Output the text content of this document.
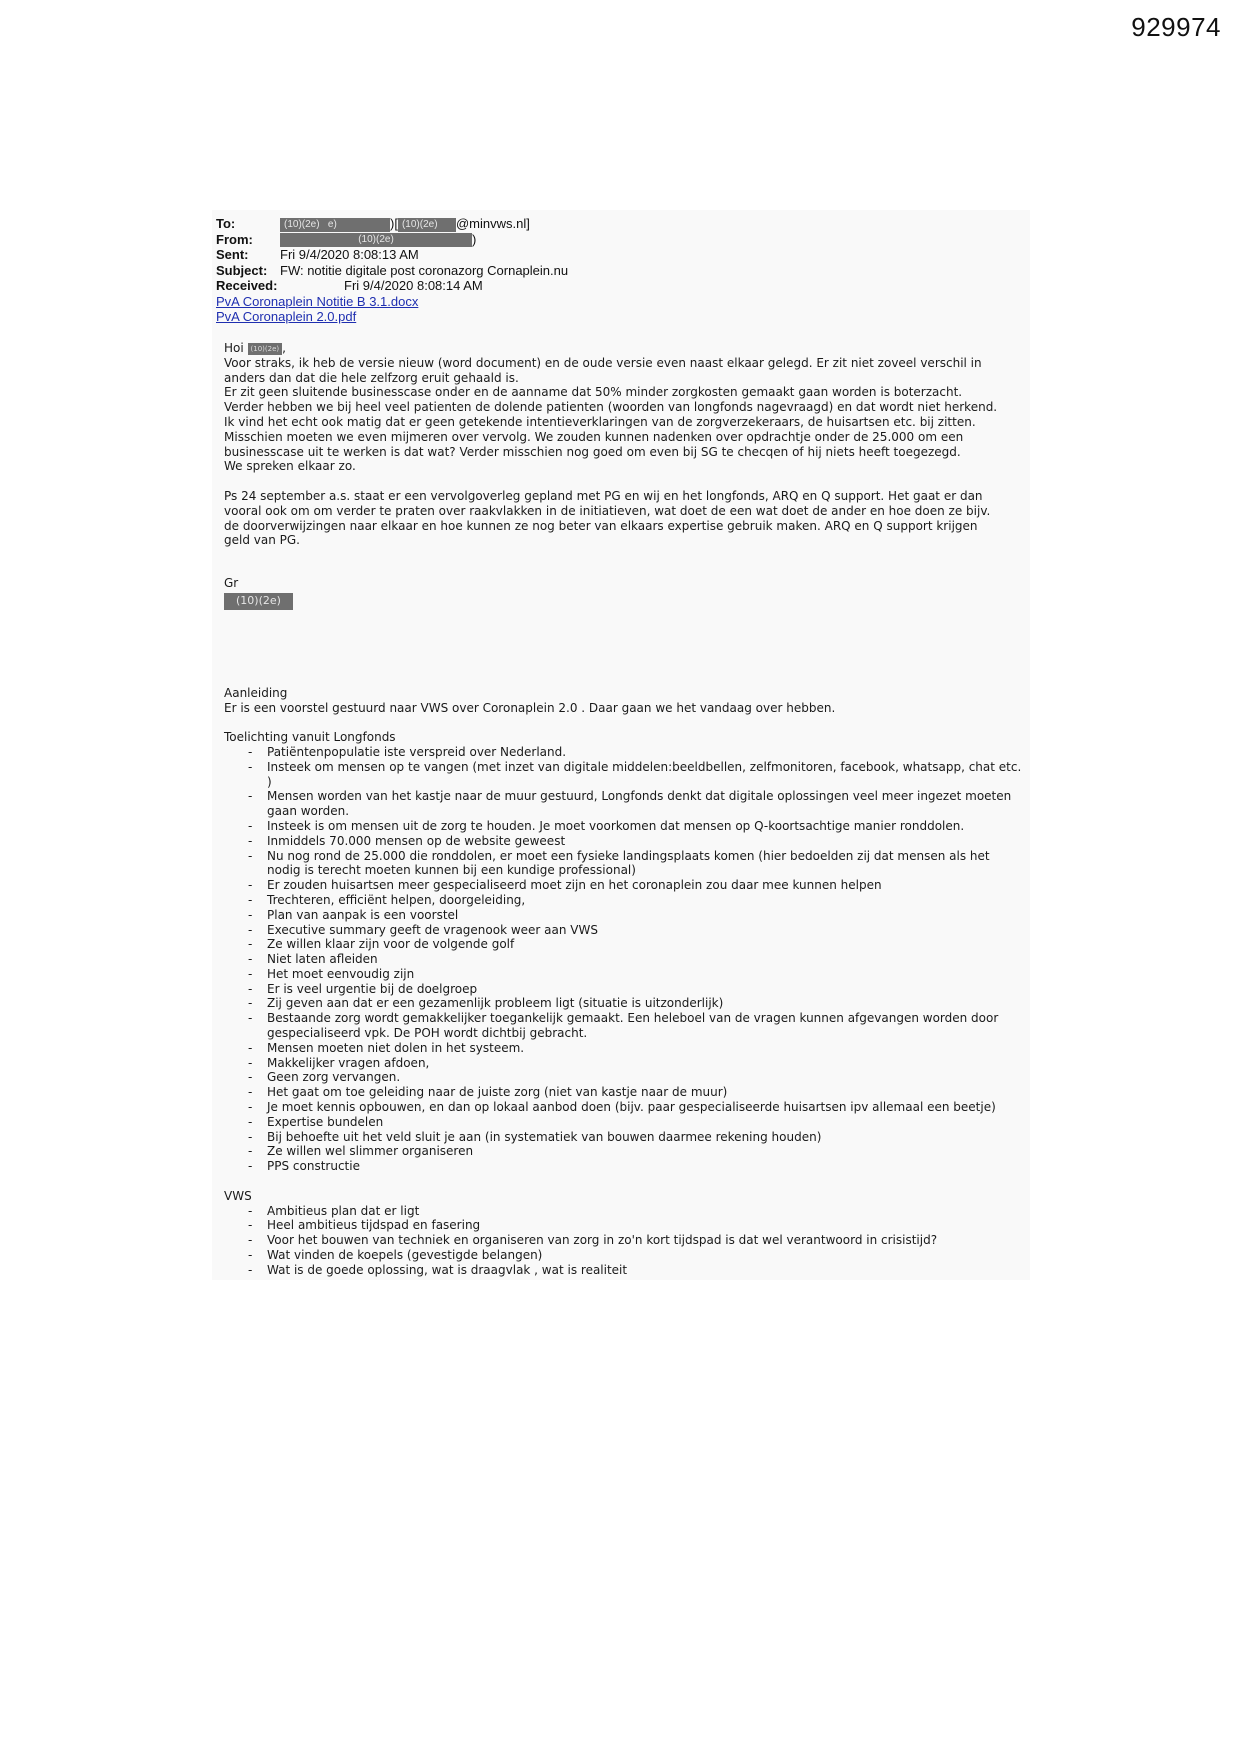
929974
To:	(10)(2e) e)	)[ (10)(2e) @minvws.nl]
From:	(10)(2e)	)
Sent: Fri 9/4/2020 8:08:13 AM
Subject: FW: notitie digitale post coronazorg Cornaplein.nu
Received:	Fri 9/4/2020 8:08:14 AM
PvA Coronaplein Notitie B 3.1.docx
PvA Coronaplein 2.0.pdf

Hoi (10)(2e) ,

Voor straks, ik heb de versie nieuw (word document) en de oude versie even naast elkaar gelegd. Er zit niet zoveel verschil in

anders dan dat die hele zelfzorg eruit gehaald is.

Er zit geen sluitende businesscase onder en de aanname dat 50% minder zorgkosten gemaakt gaan worden is boterzacht.

Verder hebben we bij heel veel patienten de dolende patienten (woorden van longfonds nagevraagd) en dat wordt niet herkend.

Ik vind het echt ook matig dat er geen getekende intentieverklaringen van de zorgverzekeraars, de huisartsen etc. bij zitten.

Misschien moeten we even mijmeren over vervolg. We zouden kunnen nadenken over opdrachtje onder de 25.000 om een

businesscase uit te werken is dat wat? Verder misschien nog goed om even bij SG te checqen of hij niets heeft toegezegd.

We spreken elkaar zo.

Ps 24 september a.s. staat er een vervolgoverleg gepland met PG en wij en het longfonds, ARQ en Q support. Het gaat er dan

vooral ook om om verder te praten over raakvlakken in de initiatieven, wat doet de een wat doet de ander en hoe doen ze bijv.

de doorverwijzingen naar elkaar en hoe kunnen ze nog beter van elkaars expertise gebruik maken. ARQ en Q support krijgen

geld van PG.

Gr

(10)(2e)

Aanleiding

Er is een voorstel gestuurd naar VWS over Coronaplein 2.0 . Daar gaan we het vandaag over hebben.

Toelichting vanuit Longfonds

- Patiëntenpopulatie iste verspreid over Nederland.
- Insteek om mensen op te vangen (met inzet van digitale middelen:beeldbellen, zelfmonitoren, facebook, whatsapp, chat etc. )
- Mensen worden van het kastje naar de muur gestuurd, Longfonds denkt dat digitale oplossingen veel meer ingezet moeten gaan worden.
- Insteek is om mensen uit de zorg te houden. Je moet voorkomen dat mensen op Q-koortsachtige manier ronddolen.
- Inmiddels 70.000 mensen op de website geweest
- Nu nog rond de 25.000 die ronddolen, er moet een fysieke landingsplaats komen (hier bedoelden zij dat mensen als het nodig is terecht moeten kunnen bij een kundige professional)
- Er zouden huisartsen meer gespecialiseerd moet zijn en het coronaplein zou daar mee kunnen helpen
- Trechteren, efficiënt helpen, doorgeleiding,
- Plan van aanpak is een voorstel
- Executive summary geeft de vragenook weer aan VWS
- Ze willen klaar zijn voor de volgende golf
- Niet laten afleiden
- Het moet eenvoudig zijn
- Er is veel urgentie bij de doelgroep
- Zij geven aan dat er een gezamenlijk probleem ligt (situatie is uitzonderlijk)
- Bestaande zorg wordt gemakkelijker toegankelijk gemaakt. Een heleboel van de vragen kunnen afgevangen worden door gespecialiseerd vpk. De POH wordt dichtbij gebracht.
- Mensen moeten niet dolen in het systeem.
- Makkelijker vragen afdoen,
- Geen zorg vervangen.
- Het gaat om toe geleiding naar de juiste zorg (niet van kastje naar de muur)
- Je moet kennis opbouwen, en dan op lokaal aanbod doen (bijv. paar gespecialiseerde huisartsen ipv allemaal een beetje)
- Expertise bundelen
- Bij behoefte uit het veld sluit je aan (in systematiek van bouwen daarmee rekening houden)
- Ze willen wel slimmer organiseren
- PPS constructie

VWS

- Ambitieus plan dat er ligt
- Heel ambitieus tijdspad en fasering
- Voor het bouwen van techniek en organiseren van zorg in zo'n kort tijdspad is dat wel verantwoord in crisistijd?
- Wat vinden de koepels (gevestigde belangen)
- Wat is de goede oplossing, wat is draagvlak , wat is realiteit
